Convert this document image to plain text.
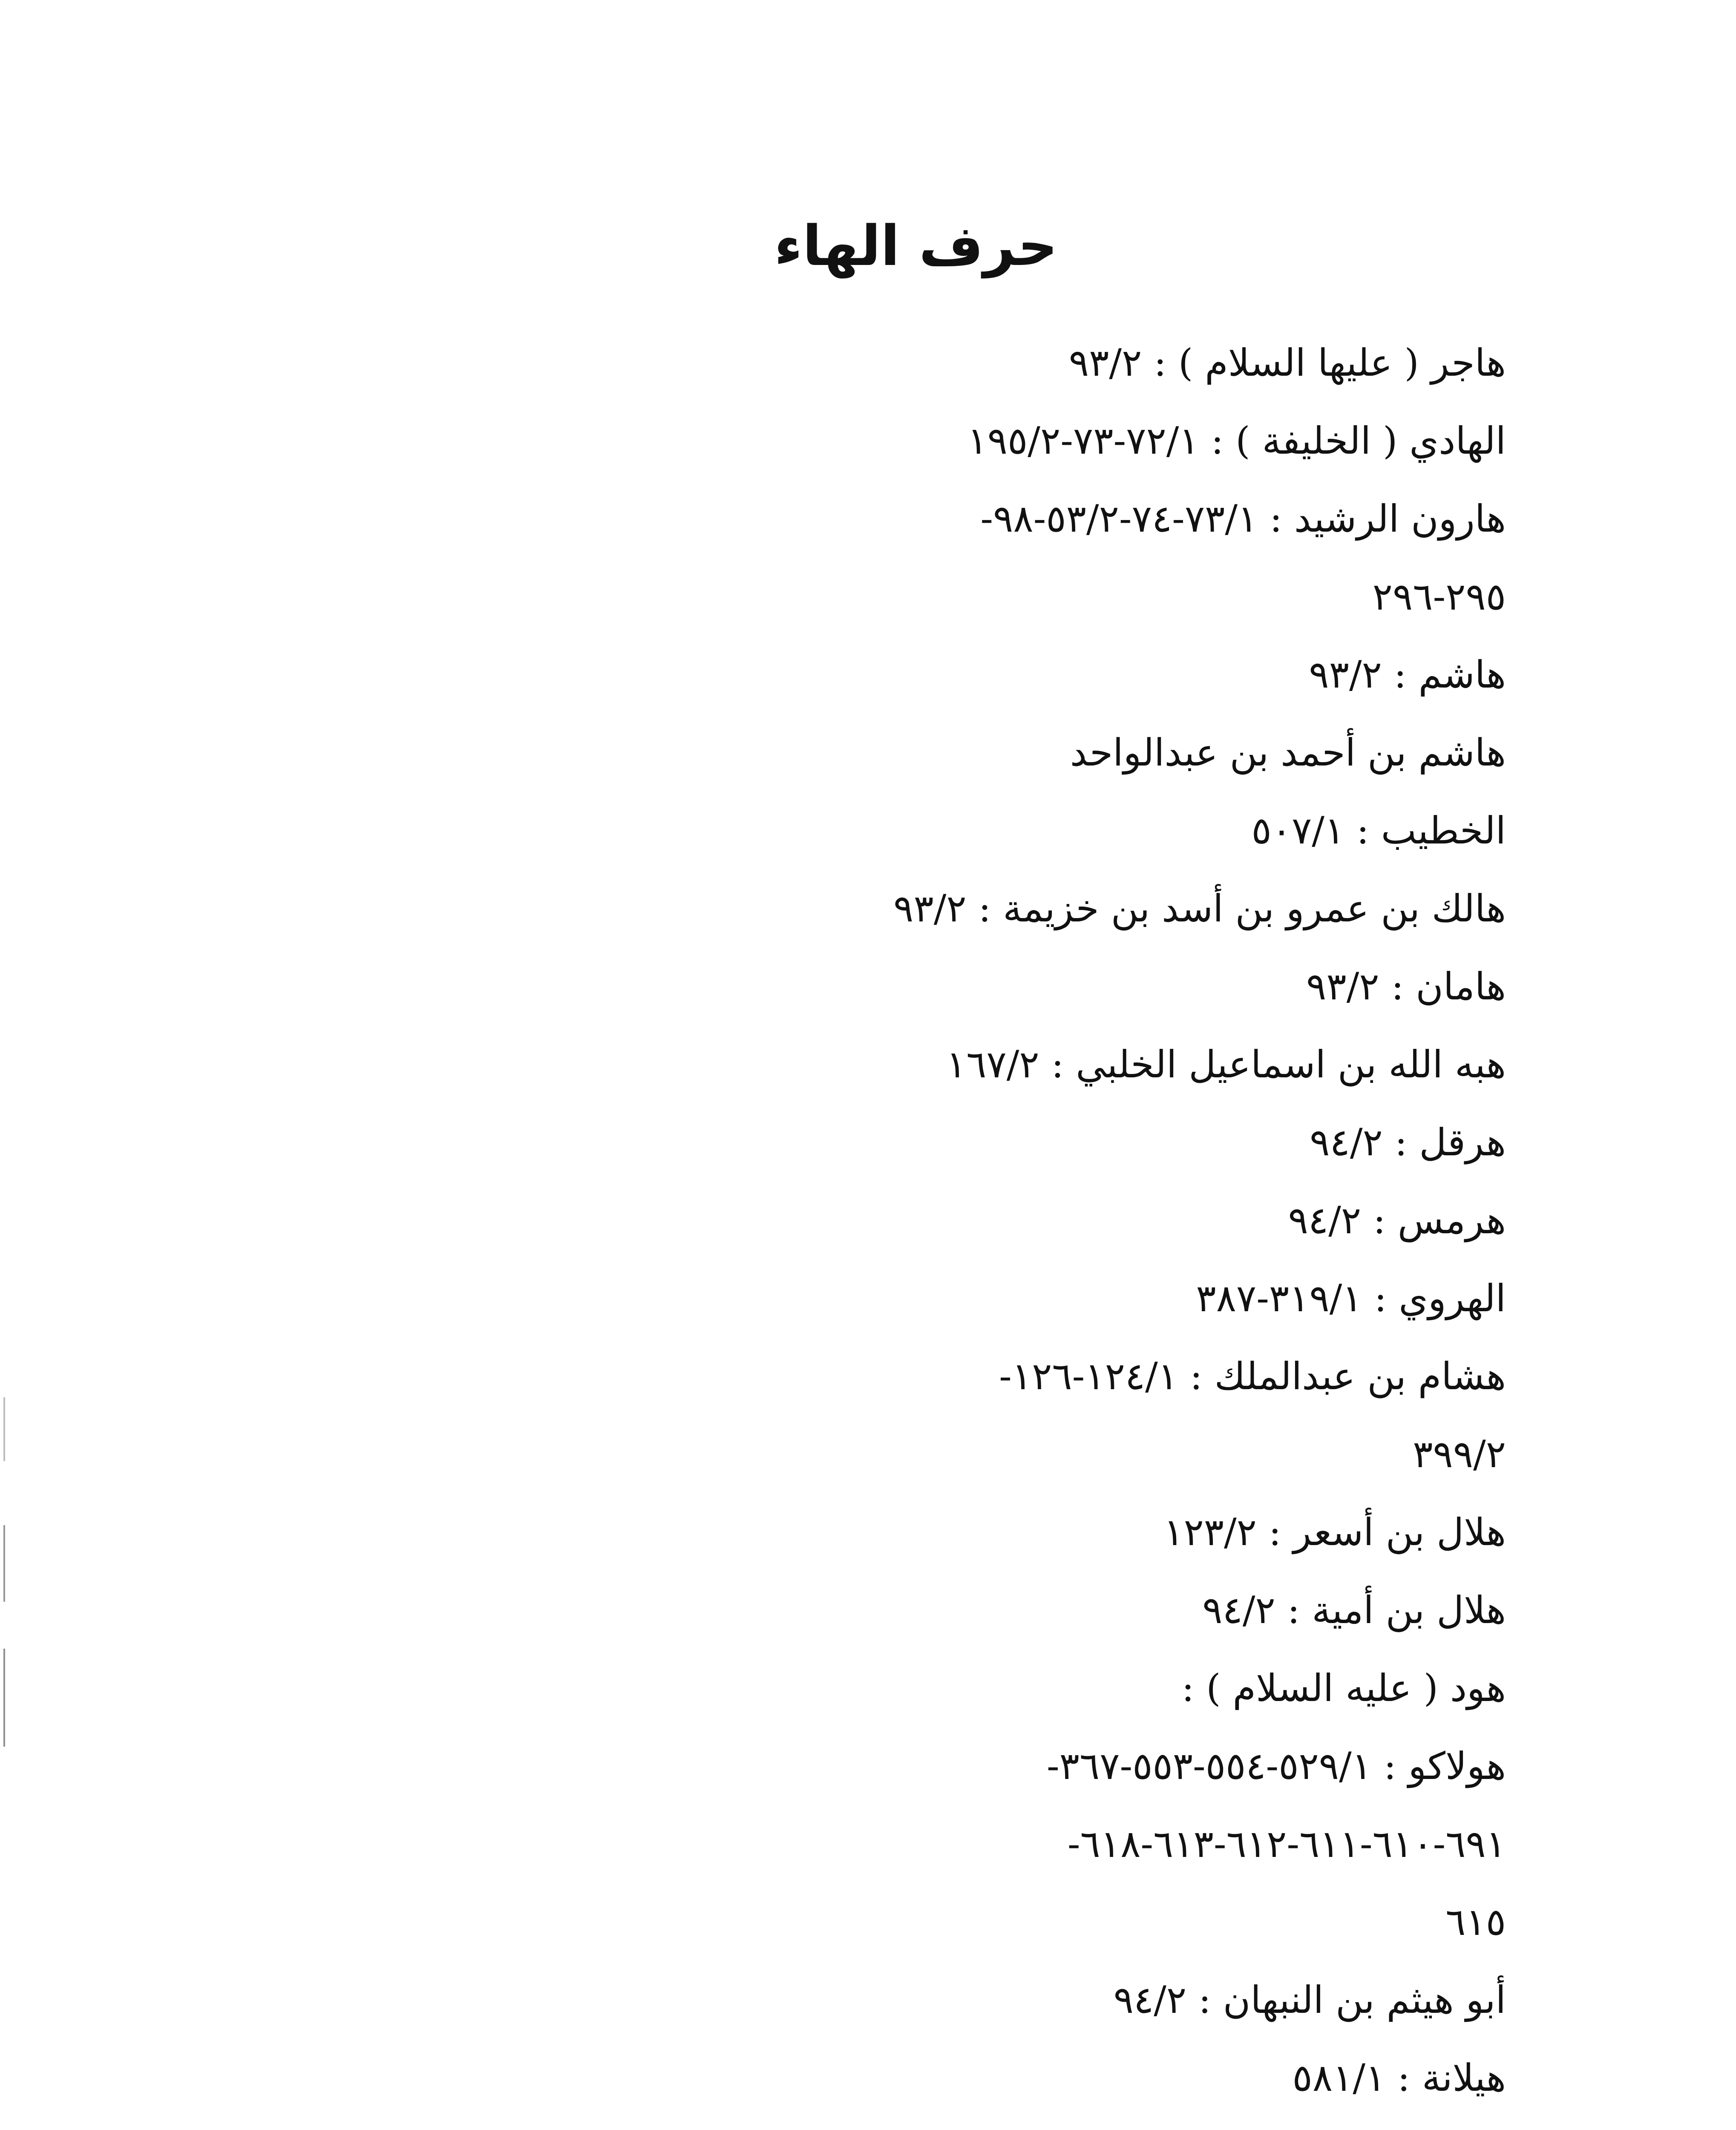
حرف الهاء
هاجر ( عليها السلام ) : ٩٣/٢
الهادي ( الخليفة ) : ٧٢/١-٧٣-١٩٥/٢
هارون الرشيد : ٧٣/١-٧٤-٥٣/٢-٩٨-
٢٩٥-٢٩٦
هاشم : ٩٣/٢
هاشم بن أحمد بن عبدالواحد
الخطيب : ٥٠٧/١
هالك بن عمرو بن أسد بن خزيمة : ٩٣/٢
هامان : ٩٣/٢
هبه الله بن اسماعيل الخلبي : ١٦٧/٢
هرقل : ٩٤/٢
هرمس : ٩٤/٢
الهروي : ٣١٩/١-٣٨٧
هشام بن عبدالملك : ١٢٤/١-١٢٦-
٣٩٩/٢
هلال بن أسعر : ١٢٣/٢
هلال بن أمية : ٩٤/٢
هود ( عليه السلام ) :
هولاكو : ٥٢٩/١-٥٥٤-٥٥٣-٣٦٧-
٦٩١-٦١٠-٦١١-٦١٢-٦١٣-٦١٨-
٦١٥
أبو هيثم بن النبهان : ٩٤/٢
هيلانة : ٥٨١/١
